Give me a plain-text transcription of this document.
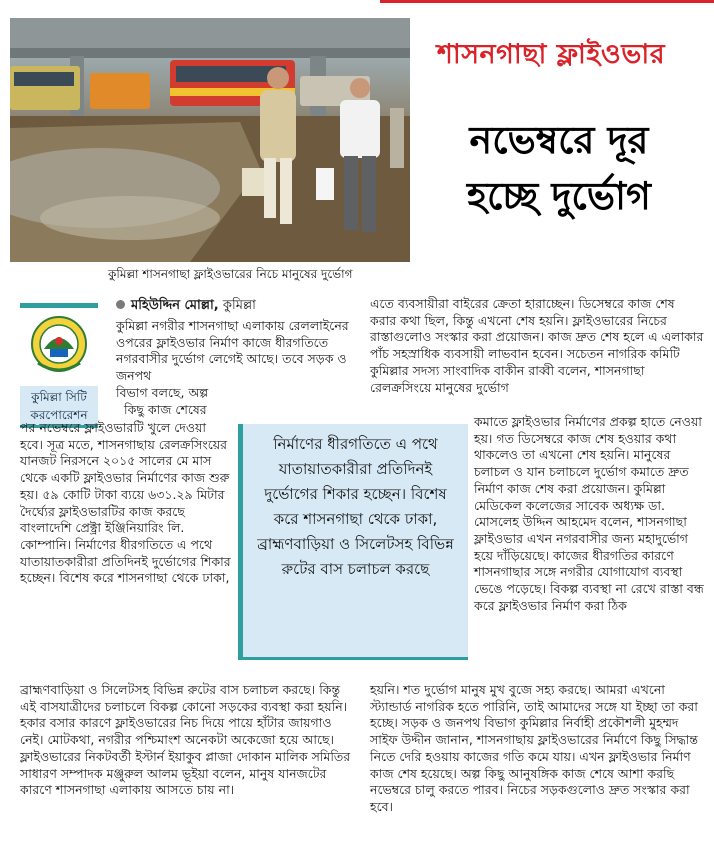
কুমিল্লা শাসনগাছা ফ্লাইওভারের নিচে মানুষের দুর্ভোগ
শাসনগাছা ফ্লাইওভার
নভেম্বরে দূর
হচ্ছে দুর্ভোগ
মহিউদ্দিন মোল্লা, কুমিল্লা
কুমিল্লা সিটি
করপোরেশন

কুমিল্লা নগরীর শাসনগাছা এলাকায় রেললাইনের ওপরের ফ্লাইওভার নির্মাণ কাজে ধীরগতিতে নগরবাসীর দুর্ভোগ লেগেই আছে। তবে সড়ক ও জনপথ

বিভাগ বলছে, অল্প

কিছু কাজ শেষের

পর নভেম্বরে ফ্লাইওভারটি খুলে দেওয়া হবে। সূত্র মতে, শাসনগাছায় রেলক্রসিংয়ের যানজট নিরসনে ২০১৫ সালের মে মাস থেকে একটি ফ্লাইওভার নির্মাণের কাজ শুরু হয়। ৫৯ কোটি টাকা ব্যয়ে ৬৩১.২৯ মিটার দৈর্ঘ্যের ফ্লাইওভারটির কাজ করছে বাংলাদেশি প্রেক্ট্রা ইঞ্জিনিয়ারিং লি. কোম্পানি। নির্মাণের ধীরগতিতে এ পথে যাতায়াতকারীরা প্রতিদিনই দুর্ভোগের শিকার হচ্ছেন। বিশেষ করে শাসনগাছা থেকে ঢাকা,

ব্রাহ্মণবাড়িয়া ও সিলেটসহ বিভিন্ন রুটের বাস চলাচল করছে। কিন্তু এই বাসযাত্রীদের চলাচলে বিকল্প কোনো সড়কের ব্যবস্থা করা হয়নি। হকার বসার কারণে ফ্লাইওভারের নিচ দিয়ে পায়ে হাঁটার জায়গাও নেই। মোটকথা, নগরীর পশ্চিমাংশ অনেকটা অকেজো হয়ে আছে। ফ্লাইওভারের নিকটবর্তী ইস্টার্ন ইয়াকুব প্লাজা দোকান মালিক সমিতির সাধারণ সম্পাদক মঞ্জুরুল আলম ভূইয়া বলেন, মানুষ যানজটের কারণে শাসনগাছা এলাকায় আসতে চায় না।

নির্মাণের ধীরগতিতে এ পথে যাতায়াতকারীরা প্রতিদিনই দুর্ভোগের শিকার হচ্ছেন। বিশেষ করে শাসনগাছা থেকে ঢাকা, ব্রাহ্মণবাড়িয়া ও সিলেটসহ বিভিন্ন রুটের বাস চলাচল করছে

এতে ব্যবসায়ীরা বাইরের ক্রেতা হারাচ্ছেন। ডিসেম্বরে কাজ শেষ করার কথা ছিল, কিন্তু এখনো শেষ হয়নি। ফ্লাইওভারের নিচের রাস্তাগুলোও সংস্কার করা প্রয়োজন। কাজ দ্রুত শেষ হলে এ এলাকার পাঁচ সহস্রাধিক ব্যবসায়ী লাভবান হবেন। সচেতন নাগরিক কমিটি কুমিল্লার সদস্য সাংবাদিক বাকীন রাব্বী বলেন, শাসনগাছা রেলক্রসিংয়ে মানুষের দুর্ভোগ

কমাতে ফ্লাইওভার নির্মাণের প্রকল্প হাতে নেওয়া হয়। গত ডিসেম্বরে কাজ শেষ হওয়ার কথা থাকলেও তা এখনো শেষ হয়নি। মানুষের চলাচল ও যান চলাচলে দুর্ভোগ কমাতে দ্রুত নির্মাণ কাজ শেষ করা প্রয়োজন। কুমিল্লা মেডিকেল কলেজের সাবেক অধ্যক্ষ ডা. মোসলেহ উদ্দিন আহমেদ বলেন, শাসনগাছা ফ্লাইওভার এখন নগরবাসীর জন্য মহাদুর্ভোগ হয়ে দাঁড়িয়েছে। কাজের ধীরগতির কারণে শাসনগাছার সঙ্গে নগরীর যোগাযোগ ব্যবস্থা ভেঙে পড়েছে। বিকল্প ব্যবস্থা না রেখে রাস্তা বন্ধ করে ফ্লাইওভার নির্মাণ করা ঠিক

হয়নি। শত দুর্ভোগ মানুষ মুখ বুজে সহ্য করছে। আমরা এখনো স্ট্যান্ডার্ড নাগরিক হতে পারিনি, তাই আমাদের সঙ্গে যা ইচ্ছা তা করা হচ্ছে। সড়ক ও জনপথ বিভাগ কুমিল্লার নির্বাহী প্রকৌশলী মুহম্মদ সাইফ উদ্দীন জানান, শাসনগাছায় ফ্লাইওভারের নির্মাণে কিছু সিদ্ধান্ত নিতে দেরি হওয়ায় কাজের গতি কমে যায়। এখন ফ্লাইওভার নির্মাণ কাজ শেষ হয়েছে। অল্প কিছু আনুষঙ্গিক কাজ শেষে আশা করছি নভেম্বরে চালু করতে পারব। নিচের সড়কগুলোও দ্রুত সংস্কার করা হবে।
